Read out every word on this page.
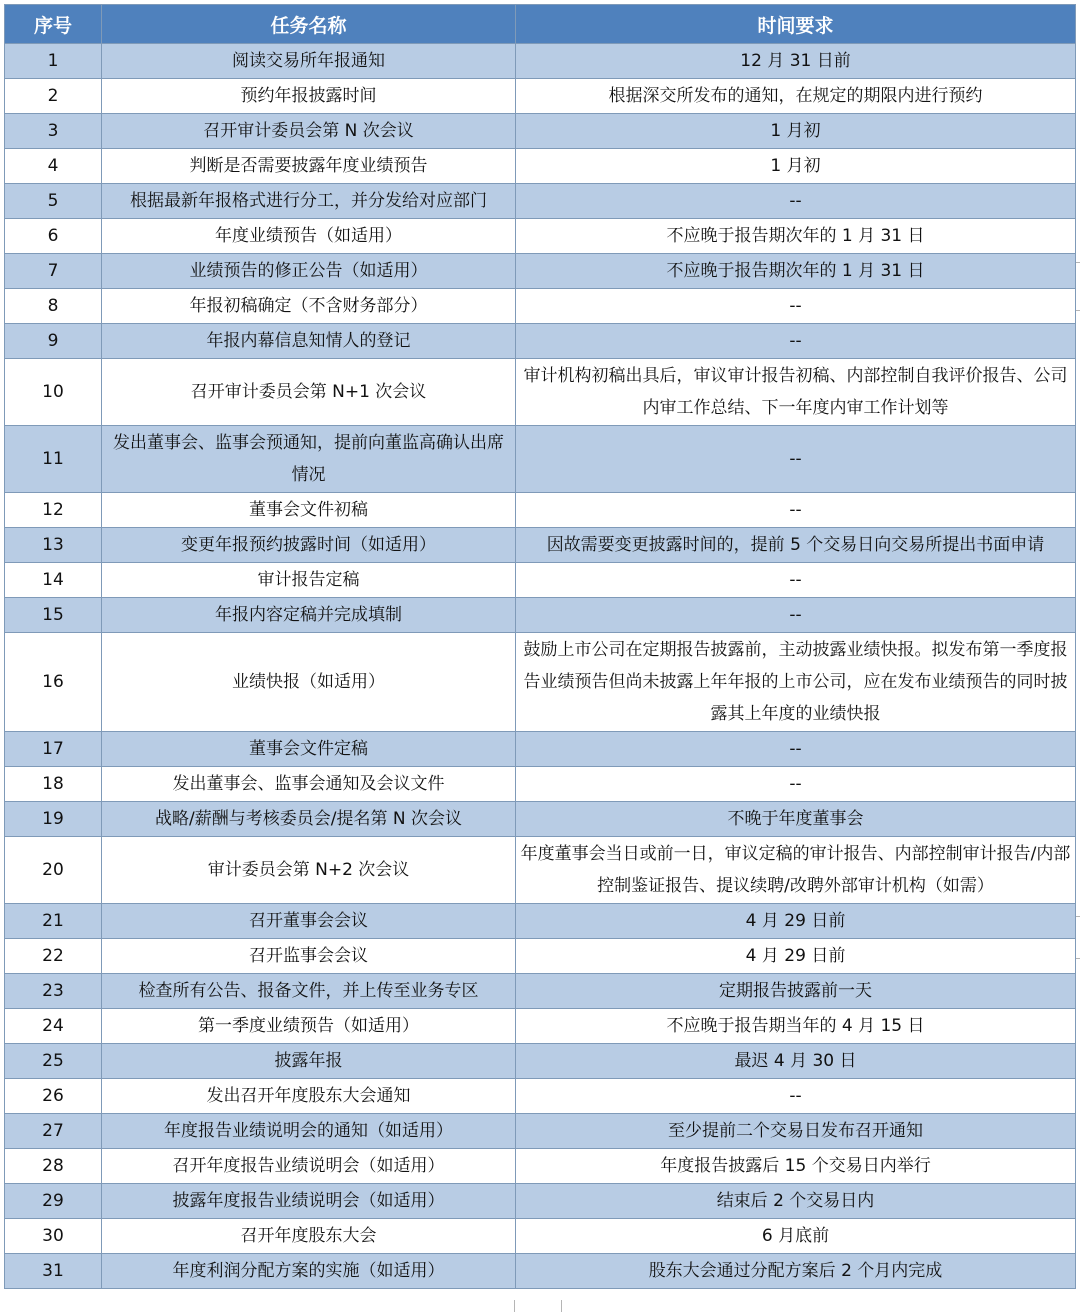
序号	任务名称	时间要求
1	阅读交易所年报通知	12 月 31 日前
2	预约年报披露时间	根据深交所发布的通知，在规定的期限内进行预约
3	召开审计委员会第 N 次会议	1 月初
4	判断是否需要披露年度业绩预告	1 月初
5	根据最新年报格式进行分工，并分发给对应部门	--
6	年度业绩预告（如适用）	不应晚于报告期次年的 1 月 31 日
7	业绩预告的修正公告（如适用）	不应晚于报告期次年的 1 月 31 日
8	年报初稿确定（不含财务部分）	--
9	年报内幕信息知情人的登记	--
10	召开审计委员会第 N+1 次会议	审计机构初稿出具后，审议审计报告初稿、内部控制自我评价报告、公司内审工作总结、下一年度内审工作计划等
11	发出董事会、监事会预通知，提前向董监高确认出席情况	--
12	董事会文件初稿	--
13	变更年报预约披露时间（如适用）	因故需要变更披露时间的，提前 5 个交易日向交易所提出书面申请
14	审计报告定稿	--
15	年报内容定稿并完成填制	--
16	业绩快报（如适用）	鼓励上市公司在定期报告披露前，主动披露业绩快报。拟发布第一季度报告业绩预告但尚未披露上年年报的上市公司，应在发布业绩预告的同时披露其上年度的业绩快报
17	董事会文件定稿	--
18	发出董事会、监事会通知及会议文件	--
19	战略/薪酬与考核委员会/提名第 N 次会议	不晚于年度董事会
20	审计委员会第 N+2 次会议	年度董事会当日或前一日，审议定稿的审计报告、内部控制审计报告/内部控制鉴证报告、提议续聘/改聘外部审计机构（如需）
21	召开董事会会议	4 月 29 日前
22	召开监事会会议	4 月 29 日前
23	检查所有公告、报备文件，并上传至业务专区	定期报告披露前一天
24	第一季度业绩预告（如适用）	不应晚于报告期当年的 4 月 15 日
25	披露年报	最迟 4 月 30 日
26	发出召开年度股东大会通知	--
27	年度报告业绩说明会的通知（如适用）	至少提前二个交易日发布召开通知
28	召开年度报告业绩说明会（如适用）	年度报告披露后 15 个交易日内举行
29	披露年度报告业绩说明会（如适用）	结束后 2 个交易日内
30	召开年度股东大会	6 月底前
31	年度利润分配方案的实施（如适用）	股东大会通过分配方案后 2 个月内完成
